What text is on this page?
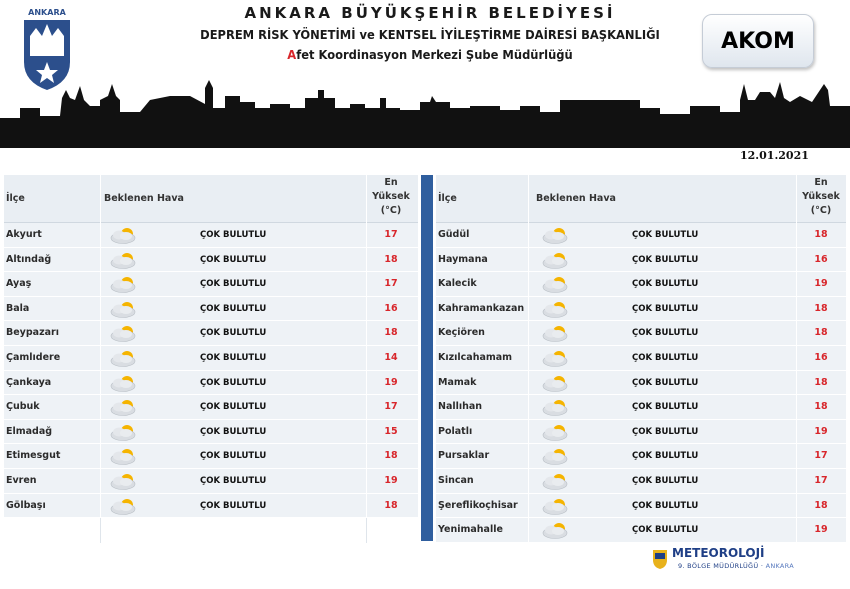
ANKARA	ANKARA BÜYÜKŞEHİR BELEDİYESİ
DEPREM RİSK YÖNETİMİ ve KENTSEL İYİLEŞTİRME DAİRESİ BAŞKANLIĞI
Afet Koordinasyon Merkezi Şube Müdürlüğü
AKOM
12.01.2021
İlçe	Beklenen Hava
En
Yüksek
(°C)
Akyurt	ÇOK BULUTLU	17
Altındağ	ÇOK BULUTLU	18
Ayaş	ÇOK BULUTLU	17
Bala	ÇOK BULUTLU	16
Beypazarı	ÇOK BULUTLU	18
Çamlıdere	ÇOK BULUTLU	14
Çankaya	ÇOK BULUTLU	19
Çubuk	ÇOK BULUTLU	17
Elmadağ	ÇOK BULUTLU	15
Etimesgut	ÇOK BULUTLU	18
Evren	ÇOK BULUTLU	19
Gölbaşı	ÇOK BULUTLU	18
İlçe	Beklenen Hava
En
Yüksek
(°C)
Güdül	ÇOK BULUTLU	18
Haymana	ÇOK BULUTLU	16
Kalecik	ÇOK BULUTLU	19
Kahramankazan	ÇOK BULUTLU	18
Keçiören	ÇOK BULUTLU	18
Kızılcahamam	ÇOK BULUTLU	16
Mamak	ÇOK BULUTLU	18
Nallıhan	ÇOK BULUTLU	18
Polatlı	ÇOK BULUTLU	19
Pursaklar	ÇOK BULUTLU	17
Sincan	ÇOK BULUTLU	17
Şereflikoçhisar	ÇOK BULUTLU	18
Yenimahalle	ÇOK BULUTLU	19
METEOROLOJİ
9. BÖLGE MÜDÜRLÜĞÜ · ANKARA
